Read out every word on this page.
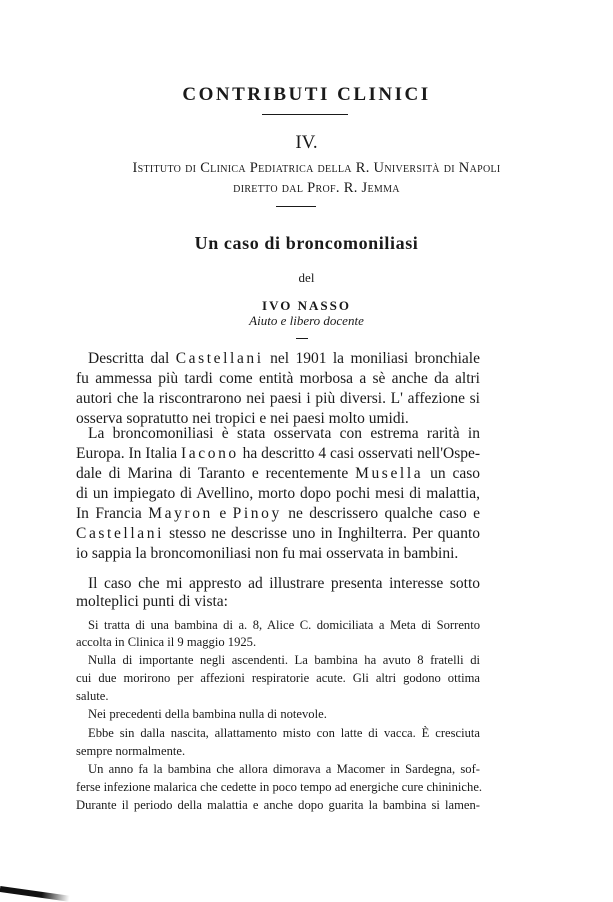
CONTRIBUTI CLINICI
IV.
Istituto di Clinica Pediatrica della R. Università di Napoli
diretto dal Prof. R. Jemma
Un caso di broncomoniliasi
del
IVO NASSO
Aiuto e libero docente
Descritta dal Castellani nel 1901 la moniliasi bronchiale
fu ammessa più tardi come entità morbosa a sè anche da altri
autori che la riscontrarono nei paesi i più diversi. L' affezione si
osserva sopratutto nei tropici e nei paesi molto umidi.
La broncomoniliasi è stata osservata con estrema rarità in
Europa. In Italia Iacono ha descritto 4 casi osservati nell'Ospe-
dale di Marina di Taranto e recentemente Musella un caso
di un impiegato di Avellino, morto dopo pochi mesi di malattia,
In Francia Mayron e Pinoy ne descrissero qualche caso e
Castellani stesso ne descrisse uno in Inghilterra. Per quanto
io sappia la broncomoniliasi non fu mai osservata in bambini.
Il caso che mi appresto ad illustrare presenta interesse sotto
molteplici punti di vista:
Si tratta di una bambina di a. 8, Alice C. domiciliata a Meta di Sorrento
accolta in Clinica il 9 maggio 1925.
Nulla di importante negli ascendenti. La bambina ha avuto 8 fratelli di
cui due morirono per affezioni respiratorie acute. Gli altri godono ottima
salute.
Nei precedenti della bambina nulla di notevole.
Ebbe sin dalla nascita, allattamento misto con latte di vacca. È cresciuta
sempre normalmente.
Un anno fa la bambina che allora dimorava a Macomer in Sardegna, sof-
ferse infezione malarica che cedette in poco tempo ad energiche cure chininiche.
Durante il periodo della malattia e anche dopo guarita la bambina si lamen-
